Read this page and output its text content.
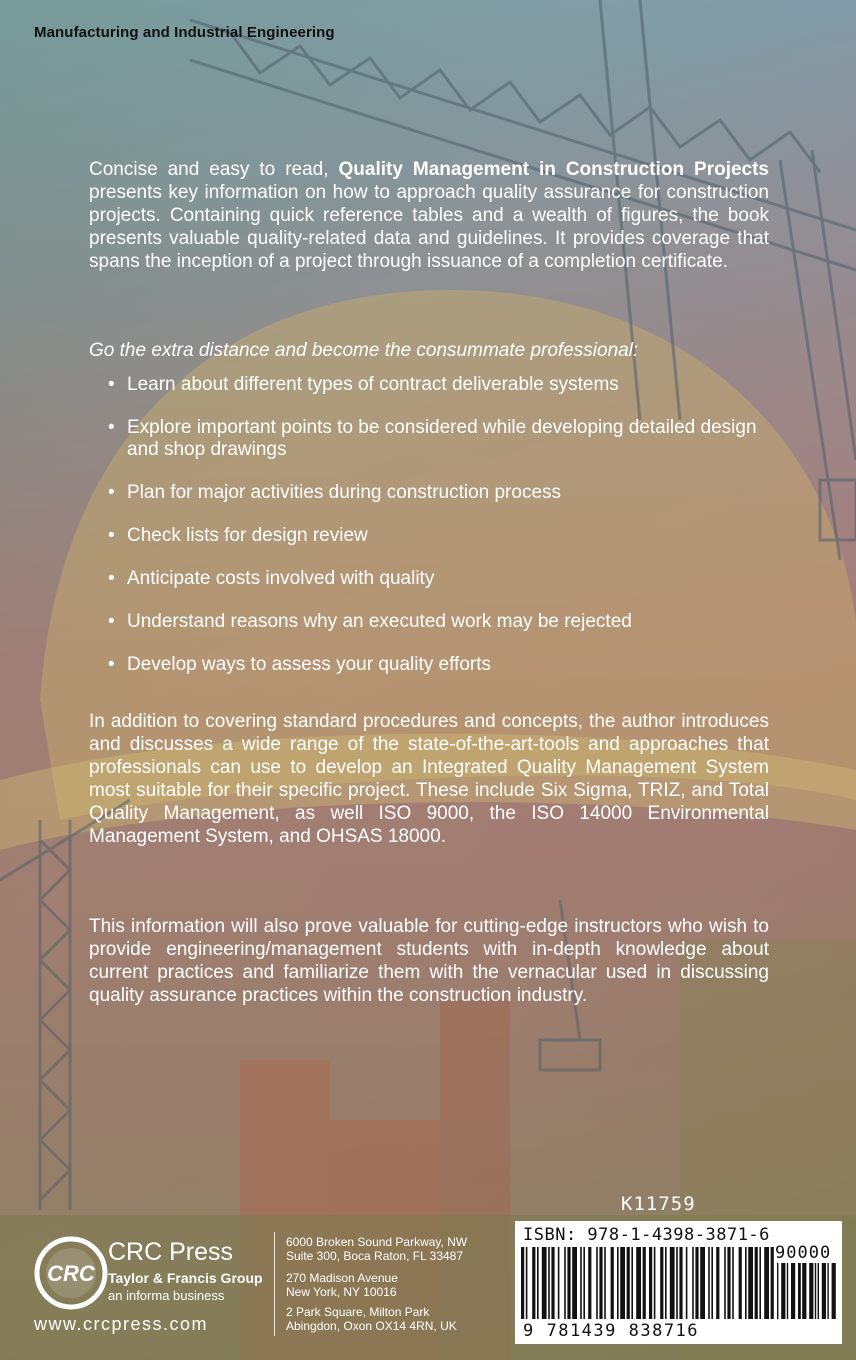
Manufacturing and Industrial Engineering
Concise and easy to read, Quality Management in Construction Projects presents key information on how to approach quality assurance for construction projects. Containing quick reference tables and a wealth of figures, the book presents valuable quality-related data and guidelines. It provides coverage that spans the inception of a project through issuance of a completion certificate.
Go the extra distance and become the consummate professional:
• Learn about different types of contract deliverable systems
• Explore important points to be considered while developing detailed design and shop drawings
• Plan for major activities during construction process
• Check lists for design review
• Anticipate costs involved with quality
• Understand reasons why an executed work may be rejected
• Develop ways to assess your quality efforts
In addition to covering standard procedures and concepts, the author introduces and discusses a wide range of the state-of-the-art-tools and approaches that professionals can use to develop an Integrated Quality Management System most suitable for their specific project. These include Six Sigma, TRIZ, and Total Quality Management, as well ISO 9000, the ISO 14000 Environmental Management System, and OHSAS 18000.
This information will also prove valuable for cutting-edge instructors who wish to provide engineering/management students with in-depth knowledge about current practices and familiarize them with the vernacular used in discussing quality assurance practices within the construction industry.
K11759
ISBN: 978-1-4398-3871-6
90000
9 781439 838716
CRC
CRC Press
Taylor & Francis Group
an informa business
www.crcpress.com
6000 Broken Sound Parkway, NW
Suite 300, Boca Raton, FL 33487
270 Madison Avenue
New York, NY 10016
2 Park Square, Milton Park
Abingdon, Oxon OX14 4RN, UK
